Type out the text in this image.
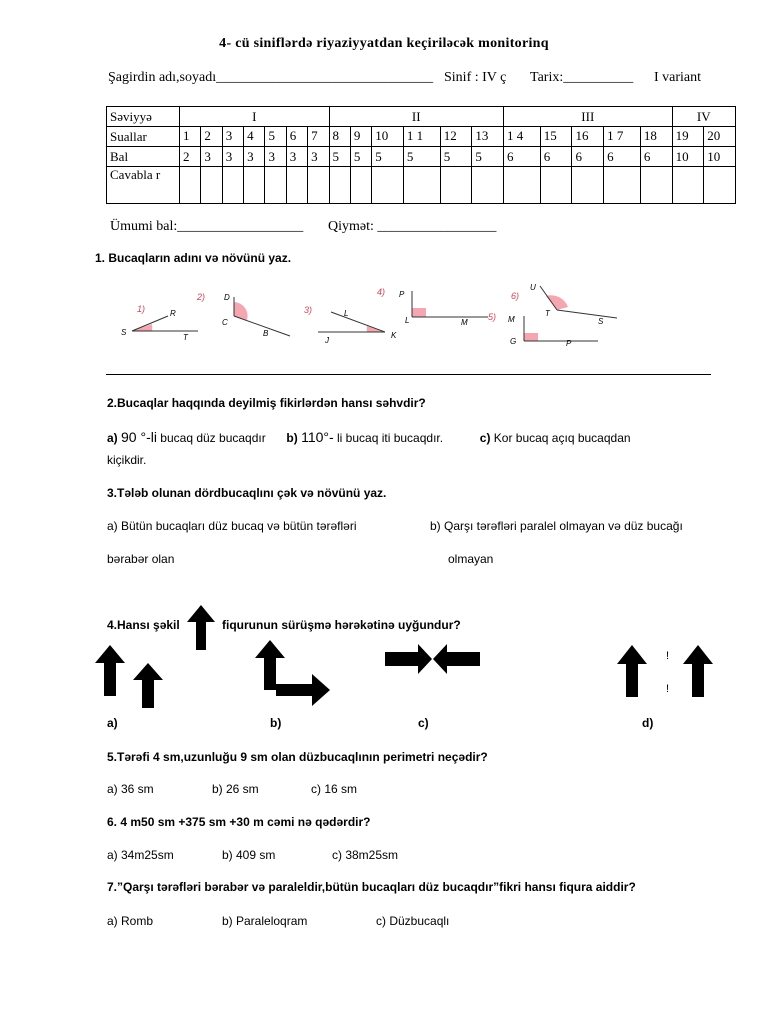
4- cü siniflərdə riyaziyyatdan keçiriləcək monitorinq
Şagirdin adı,soyadı_______________________________ Sinif : IV ç Tarix:__________ I variant
Səviyyə	I							II						III					IV	
Suallar	1	2	3	4	5	6	7	8	9	10	1 1	12	13	1 4	15	16	1 7	18	19	20
Bal	2	3	3	3	3	3	3	5	5	5	5	5	5	6	6	6	6	6	10	10
Cavabla r																				
Ümumi bal:__________________ Qiymət: _________________
1. Bucaqların adını və növünü yaz.
1)	R
S
T
2) D
C
B
3)	L
J
K
4) P
L	M
5) M
G	P
6)
U
T
S
2.Bucaqlar haqqında deyilmiş fikirlərdən hansı səhvdir?
a) 90 °-li bucaq düz bucaqdır b) 110°- li bucaq iti bucaqdır.	c) Kor bucaq açıq bucaqdan
kiçikdir.
3.Tələb olunan dördbucaqlını çək və növünü yaz.
a) Bütün bucaqları düz bucaq və bütün tərəfləri	b) Qarşı tərəfləri paralel olmayan və düz bucağı
bərabər olan	olmayan
4.Hansı şəkil	fiqurunun sürüşmə hərəkətinə uyğundur?
!
!
a)	b)	c)	d)
5.Tərəfi 4 sm,uzunluğu 9 sm olan düzbucaqlının perimetri neçədir?
a) 36 sm	b) 26 sm	c) 16 sm
6. 4 m50 sm +375 sm +30 m cəmi nə qədərdir?
a) 34m25sm	b) 409 sm	c) 38m25sm
7.”Qarşı tərəfləri bərabər və paraleldir,bütün bucaqları düz bucaqdır”fikri hansı fiqura aiddir?
a) Romb	b) Paraleloqram	c) Düzbucaqlı
